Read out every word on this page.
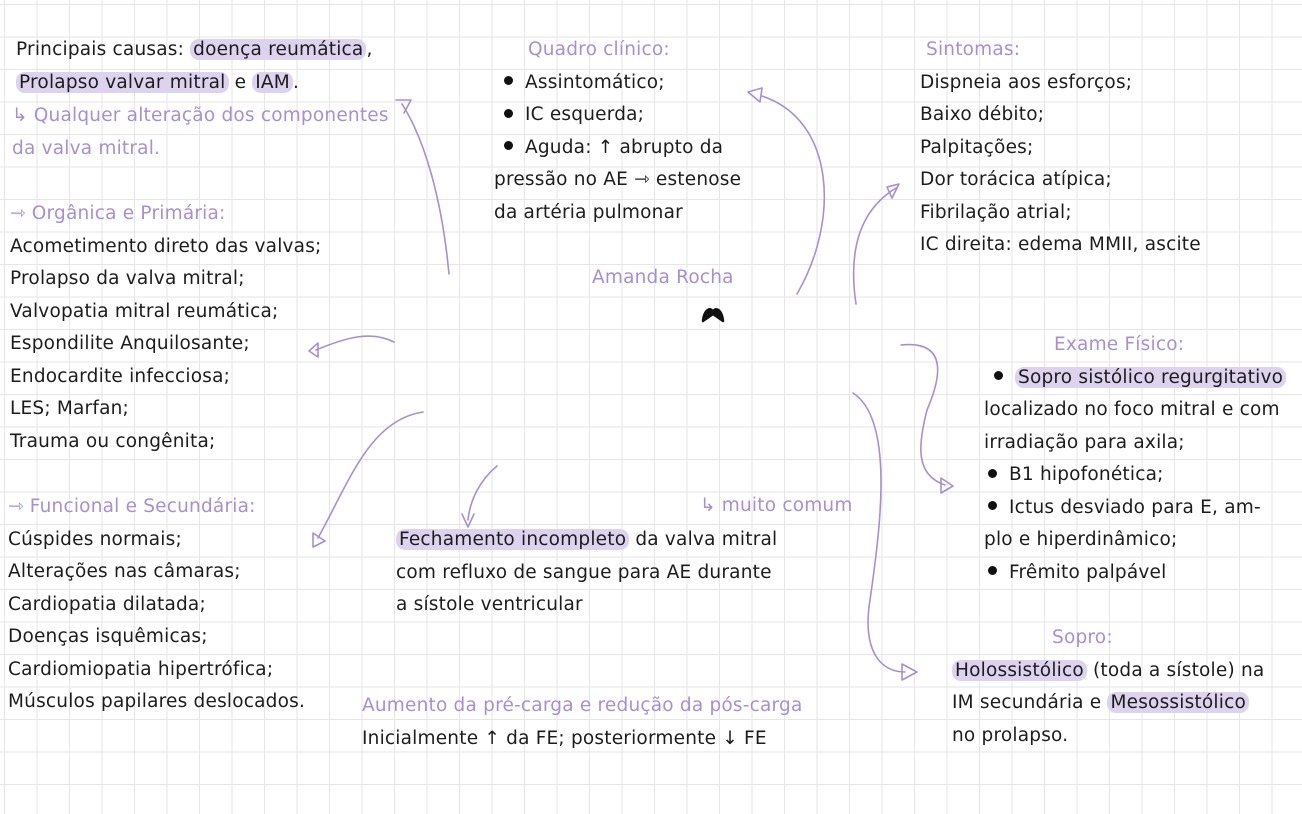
Principais causas: doença reumática ,
Prolapso valvar mitral e IAM .
↳ Qualquer alteração dos componentes
da valva mitral.
⇾ Orgânica e Primária:
Acometimento direto das valvas;
Prolapso da valva mitral;
Valvopatia mitral reumática;
Espondilite Anquilosante;
Endocardite infecciosa;
LES; Marfan;
Trauma ou congênita;
⇾ Funcional e Secundária:
Cúspides normais;
Alterações nas câmaras;
Cardiopatia dilatada;
Doenças isquêmicas;
Cardiomiopatia hipertrófica;
Músculos papilares deslocados.
Quadro clínico:
Assintomático;
IC esquerda;
Aguda: ↑ abrupto da
pressão no AE ⇾ estenose
da artéria pulmonar
Amanda Rocha
Sintomas:
Dispneia aos esforços;
Baixo débito;
Palpitações;
Dor torácica atípica;
Fibrilação atrial;
IC direita: edema MMII, ascite
Exame Físico:
Sopro sistólico regurgitativo
localizado no foco mitral e com
irradiação para axila;
B1 hipofonética;
Ictus desviado para E, am-
plo e hiperdinâmico;
Frêmito palpável
Sopro:
Holossistólico (toda a sístole) na
IM secundária e Mesossistólico
no prolapso.
Fechamento incompleto da valva mitral
com refluxo de sangue para AE durante
a sístole ventricular
↳ muito comum
Aumento da pré-carga e redução da pós-carga
Inicialmente ↑ da FE; posteriormente ↓ FE
